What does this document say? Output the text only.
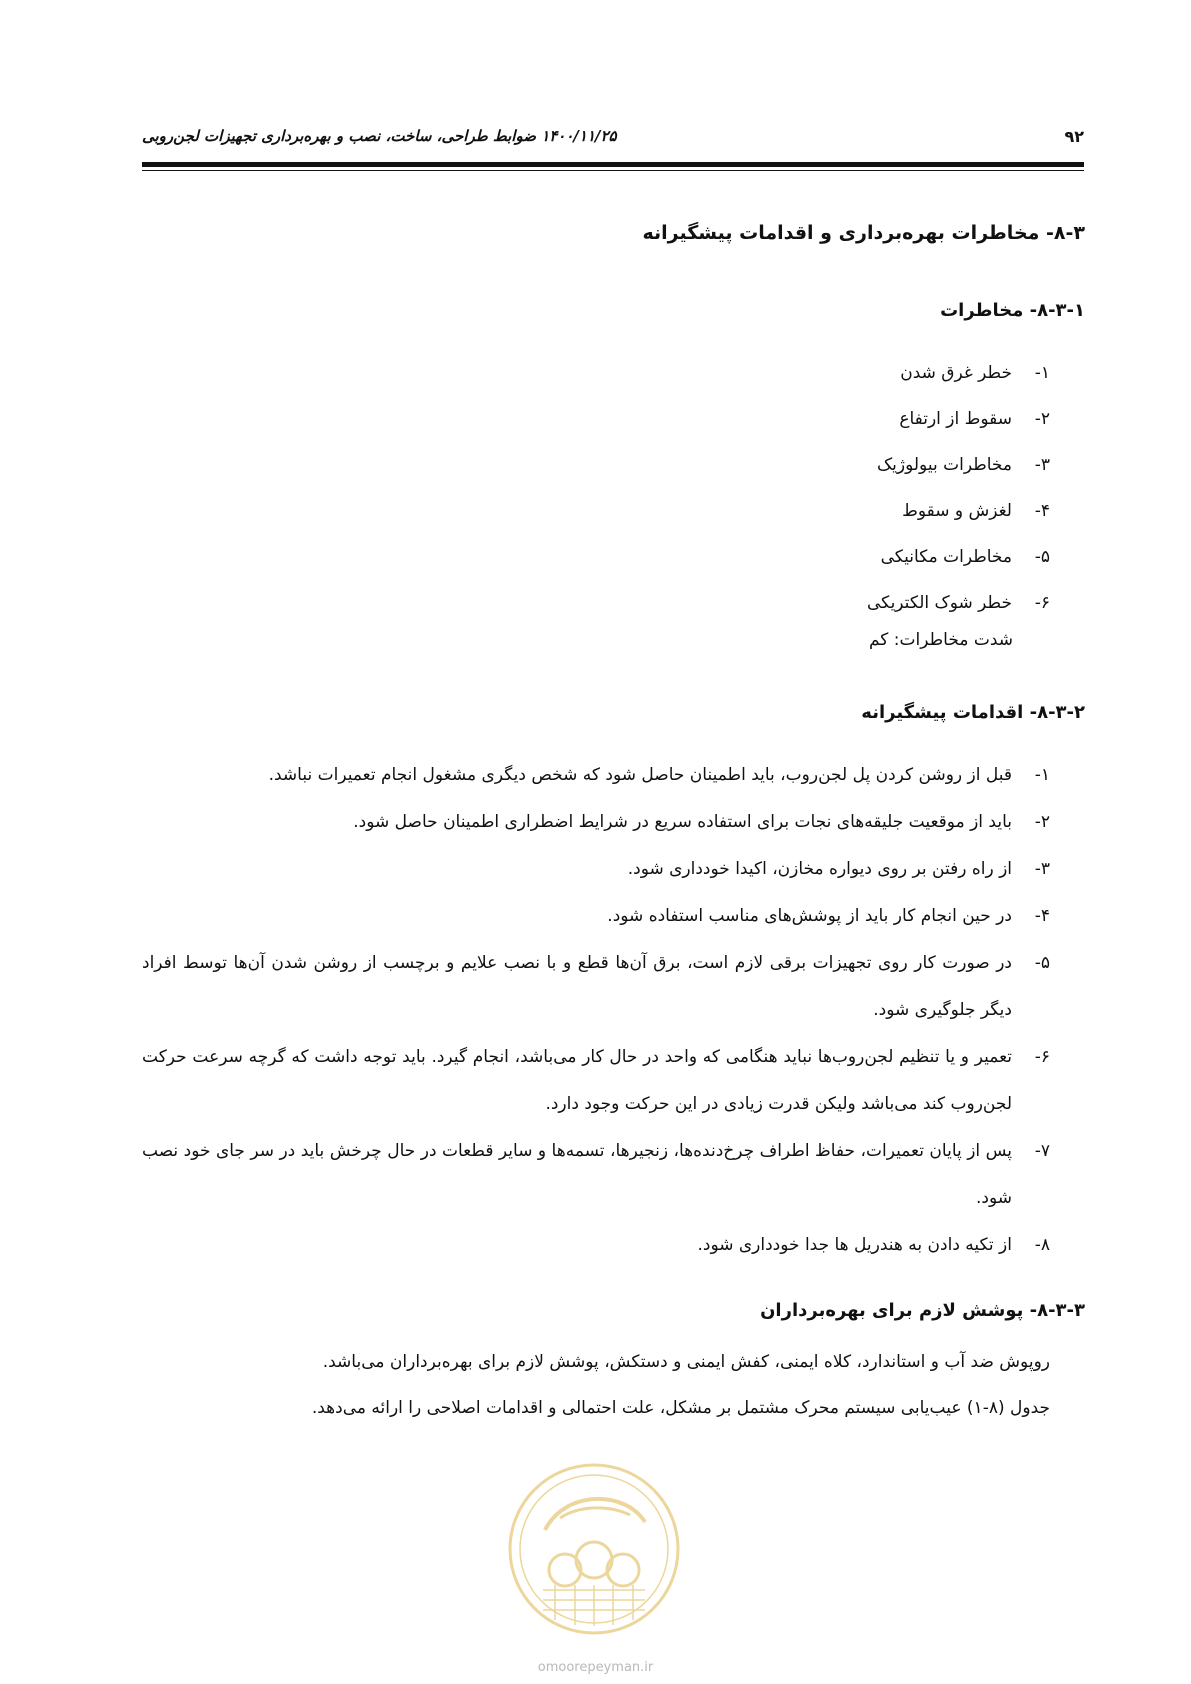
۱۴۰۰/۱۱/۲۵ ضوابط طراحی، ساخت، نصب و بهره‌برداری تجهیزات لجن‌روبی	۹۲
۸-۳- مخاطرات بهره‌برداری و اقدامات پیشگیرانه
۸-۳-۱- مخاطرات
۱-خطر غرق شدن
۲-سقوط از ارتفاع
۳-مخاطرات بیولوژیک
۴-لغزش و سقوط
۵-مخاطرات مکانیکی
۶-خطر شوک الکتریکی
شدت مخاطرات: کم
۸-۳-۲- اقدامات پیشگیرانه
۱-
قبل از روشن کردن پل لجن‌روب، باید اطمینان حاصل شود که شخص دیگری مشغول انجام تعمیرات نباشد.
۲-
باید از موقعیت جلیقه‌های نجات برای استفاده سریع در شرایط اضطراری اطمینان حاصل شود.
۳-
از راه رفتن بر روی دیواره مخازن، اکیدا خودداری شود.
۴-
در حین انجام کار باید از پوشش‌های مناسب استفاده شود.
۵-
در صورت کار روی تجهیزات برقی لازم است، برق آن‌ها قطع و با نصب علایم و برچسب از روشن شدن آن‌ها توسط افراد دیگر جلوگیری شود.
۶-
تعمیر و یا تنظیم لجن‌روب‌ها نباید هنگامی که واحد در حال کار می‌باشد، انجام گیرد. باید توجه داشت که گرچه سرعت حرکت لجن‌روب کند می‌باشد ولیکن قدرت زیادی در این حرکت وجود دارد.
۷-
پس از پایان تعمیرات، حفاظ اطراف چرخ‌دنده‌ها، زنجیرها، تسمه‌ها و سایر قطعات در حال چرخش باید در سر جای خود نصب شود.
۸-
از تکیه دادن به هندریل ها جدا خودداری شود.
۸-۳-۳- پوشش لازم برای بهره‌برداران
روپوش ضد آب و استاندارد، کلاه ایمنی، کفش ایمنی و دستکش، پوشش لازم برای بهره‌برداران می‌باشد.
جدول (۸-۱) عیب‌یابی سیستم محرک مشتمل بر مشکل، علت احتمالی و اقدامات اصلاحی را ارائه می‌دهد.
omoorepeyman.ir
